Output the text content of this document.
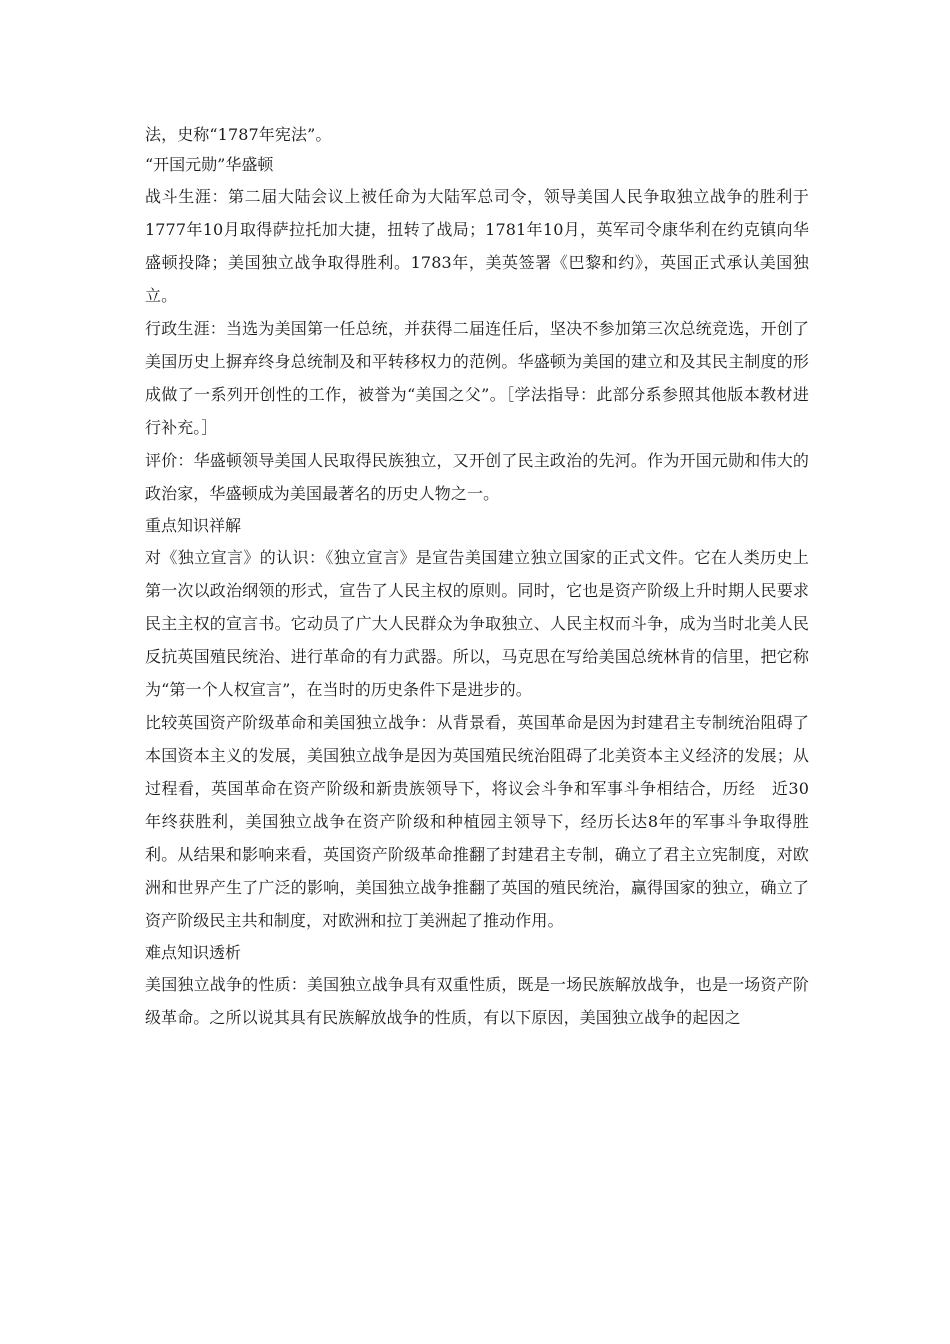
法，史称“1787年宪法”。

“开国元勋”华盛顿

战斗生涯：第二届大陆会议上被任命为大陆军总司令，领导美国人民争取独立战争的胜利于1777年10月取得萨拉托加大捷，扭转了战局；1781年10月，英军司令康华利在约克镇向华盛顿投降；美国独立战争取得胜利。1783年，美英签署《巴黎和约》，英国正式承认美国独立。

行政生涯：当选为美国第一任总统，并获得二届连任后，坚决不参加第三次总统竞选，开创了美国历史上摒弃终身总统制及和平转移权力的范例。华盛顿为美国的建立和及其民主制度的形成做了一系列开创性的工作，被誉为“美国之父”。［学法指导：此部分系参照其他版本教材进行补充。］

评价：华盛顿领导美国人民取得民族独立，又开创了民主政治的先河。作为开国元勋和伟大的政治家，华盛顿成为美国最著名的历史人物之一。

重点知识祥解

对《独立宣言》的认识：《独立宣言》是宣告美国建立独立国家的正式文件。它在人类历史上第一次以政治纲领的形式，宣告了人民主权的原则。同时，它也是资产阶级上升时期人民要求民主主权的宣言书。它动员了广大人民群众为争取独立、人民主权而斗争，成为当时北美人民反抗英国殖民统治、进行革命的有力武器。所以，马克思在写给美国总统林肯的信里，把它称为“第一个人权宣言”，在当时的历史条件下是进步的。

比较英国资产阶级革命和美国独立战争：从背景看，英国革命是因为封建君主专制统治阻碍了本国资本主义的发展，美国独立战争是因为英国殖民统治阻碍了北美资本主义经济的发展；从过程看，英国革命在资产阶级和新贵族领导下，将议会斗争和军事斗争相结合，历经　近30年终获胜利，美国独立战争在资产阶级和种植园主领导下，经历长达8年的军事斗争取得胜利。从结果和影响来看，英国资产阶级革命推翻了封建君主专制，确立了君主立宪制度，对欧洲和世界产生了广泛的影响，美国独立战争推翻了英国的殖民统治，赢得国家的独立，确立了资产阶级民主共和制度，对欧洲和拉丁美洲起了推动作用。

难点知识透析

美国独立战争的性质：美国独立战争具有双重性质，既是一场民族解放战争，也是一场资产阶级革命。之所以说其具有民族解放战争的性质，有以下原因，美国独立战争的起因之
